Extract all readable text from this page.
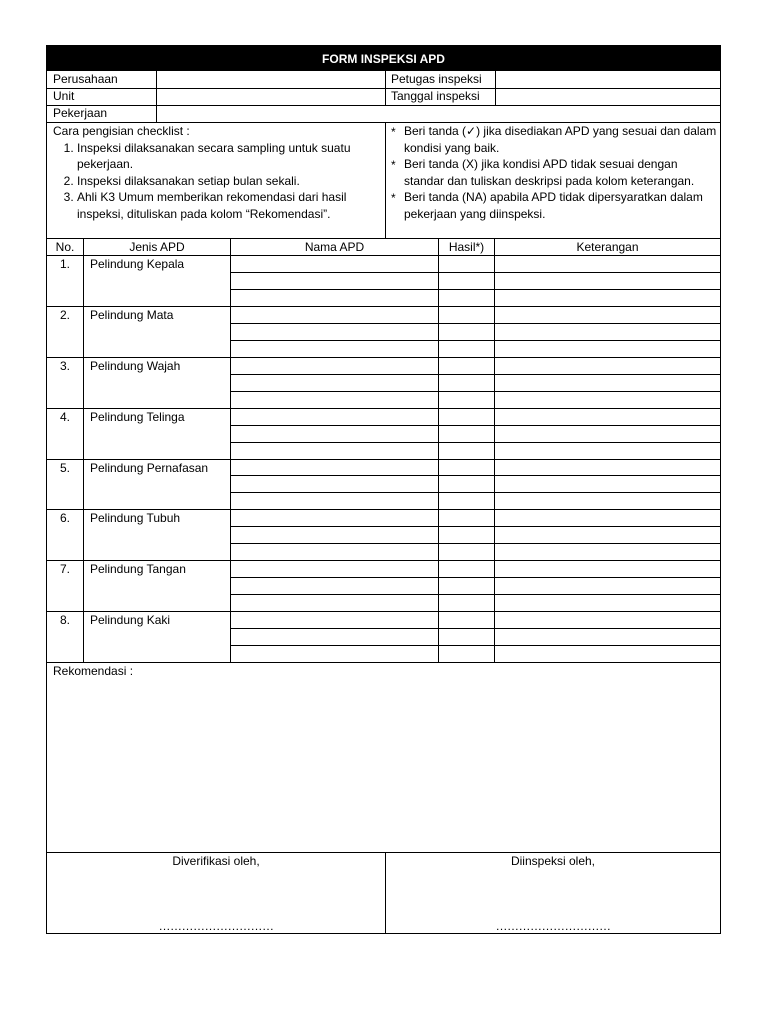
FORM INSPEKSI APD
Perusahaan	Petugas inspeksi
Unit	Tanggal inspeksi
Pekerjaan
Cara pengisian checklist :
1. Inspeksi dilaksanakan secara sampling untuk suatu pekerjaan.
2. Inspeksi dilaksanakan setiap bulan sekali.
3. Ahli K3 Umum memberikan rekomendasi dari hasil inspeksi, dituliskan pada kolom “Rekomendasi”.
* Beri tanda (✓) jika disediakan APD yang sesuai dan dalam kondisi yang baik.
* Beri tanda (X) jika kondisi APD tidak sesuai dengan standar dan tuliskan deskripsi pada kolom keterangan.
* Beri tanda (NA) apabila APD tidak dipersyaratkan dalam pekerjaan yang diinspeksi.
No.	Jenis APD	Nama APD	Hasil*)	Keterangan
1.	Pelindung Kepala
2.	Pelindung Mata
3.	Pelindung Wajah
4.	Pelindung Telinga
5.	Pelindung Pernafasan
6.	Pelindung Tubuh
7.	Pelindung Tangan
8.	Pelindung Kaki
Rekomendasi :
Diverifikasi oleh,
…………………………
Diinspeksi oleh,
…………………………
